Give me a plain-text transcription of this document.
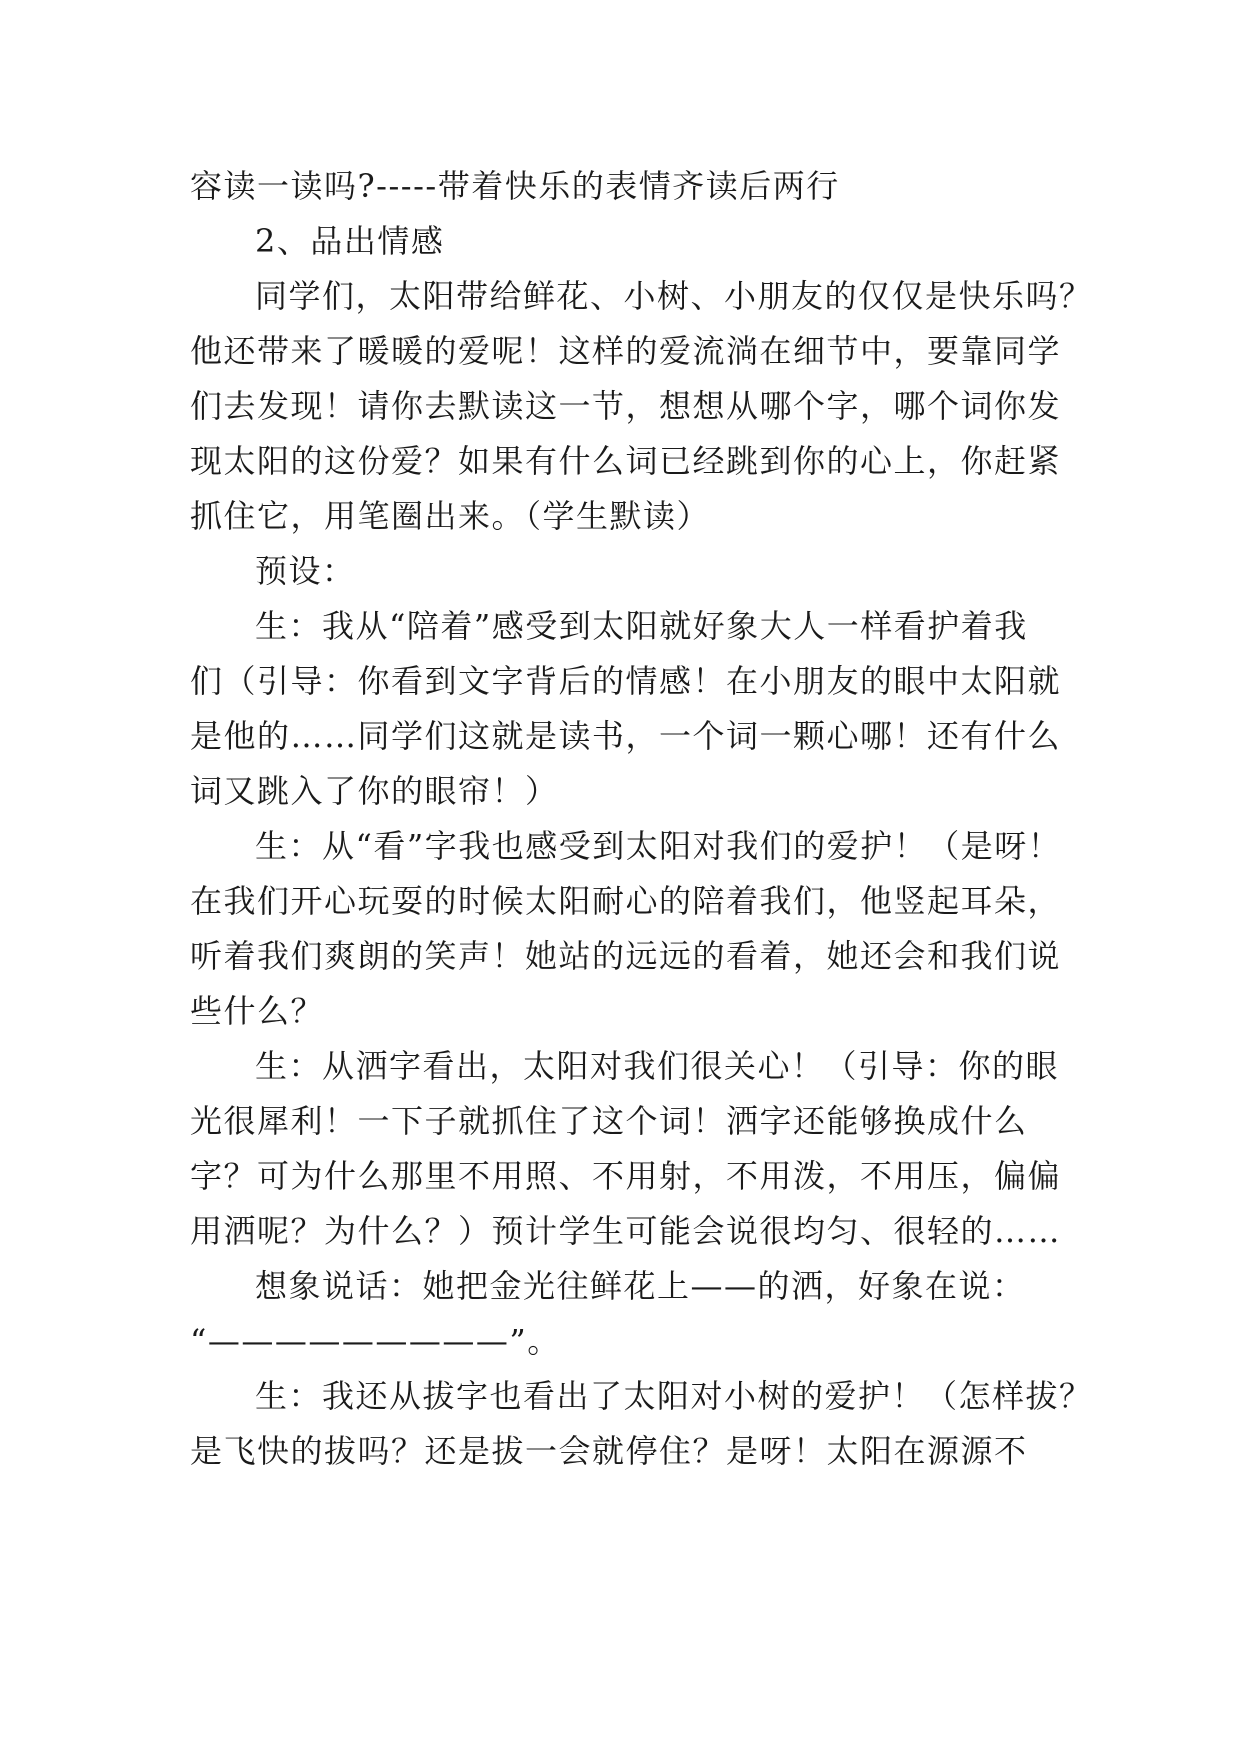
容读一读吗?-----带着快乐的表情齐读后两行
2、品出情感
同学们，太阳带给鲜花、小树、小朋友的仅仅是快乐吗？
他还带来了暖暖的爱呢！这样的爱流淌在细节中，要靠同学
们去发现！请你去默读这一节，想想从哪个字，哪个词你发
现太阳的这份爱？如果有什么词已经跳到你的心上，你赶紧
抓住它，用笔圈出来。（学生默读）
预设：
生：我从“陪着”感受到太阳就好象大人一样看护着我
们（引导：你看到文字背后的情感！在小朋友的眼中太阳就
是他的……同学们这就是读书，一个词一颗心哪！还有什么
词又跳入了你的眼帘！）
生：从“看”字我也感受到太阳对我们的爱护！（是呀！
在我们开心玩耍的时候太阳耐心的陪着我们，他竖起耳朵，
听着我们爽朗的笑声！她站的远远的看着，她还会和我们说
些什么？
生：从洒字看出，太阳对我们很关心！（引导：你的眼
光很犀利！一下子就抓住了这个词！洒字还能够换成什么
字？可为什么那里不用照、不用射，不用泼，不用压，偏偏
用洒呢？为什么？）预计学生可能会说很均匀、很轻的……
想象说话：她把金光往鲜花上——的洒，好象在说：
“—————————”。
生：我还从拔字也看出了太阳对小树的爱护！（怎样拔？
是飞快的拔吗？还是拔一会就停住？是呀！太阳在源源不
